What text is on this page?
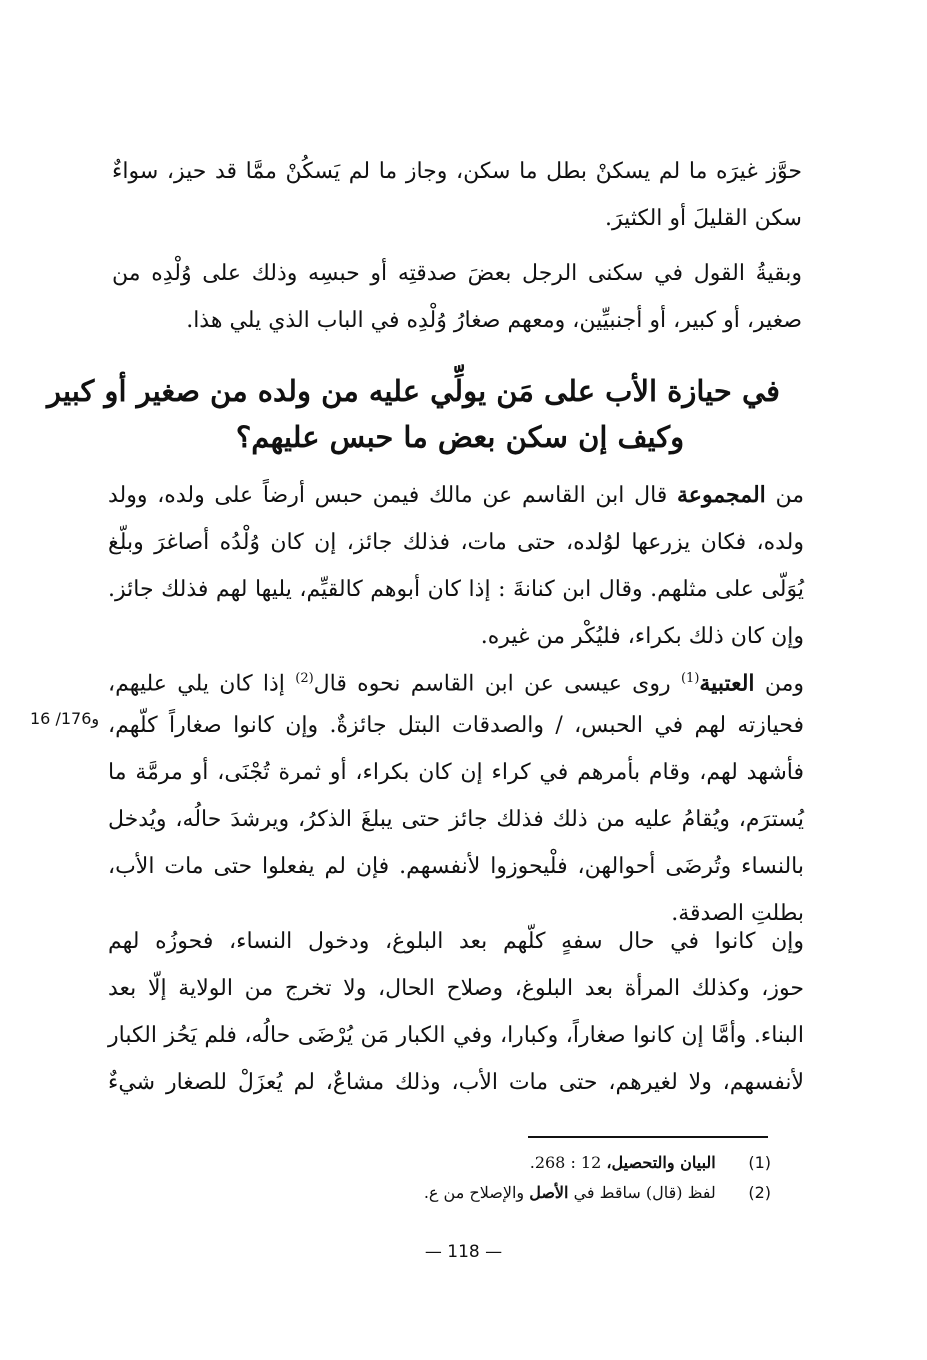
حوَّز غيرَه ما لم يسكنْ بطل ما سكن، وجاز ما لم يَسكُنْ ممَّا قد حيز، سواءٌ
سكن القليلَ أو الكثيرَ.
وبقيةُ القول في سكنى الرجل بعضَ صدقتِه أو حبسِه وذلك على وُلْدِه من
صغير، أو كبير، أو أجنبيِّين، ومعهم صغارُ وُلْدِه في الباب الذي يلي هذا.
في حيازة الأب على مَن يولِّي عليه من ولده من صغير أو كبير
وكيف إن سكن بعض ما حبس عليهم؟
من المجموعة قال ابن القاسم عن مالك فيمن حبس أرضاً على ولده، وولد
ولده، فكان يزرعها لوُلده، حتى مات، فذلك جائز، إن كان وُلْدُه أصاغرَ وبلّغ
يُوَلّى على مثلهم. وقال ابن كنانةَ : إذا كان أبوهم كالقيِّم، يليها لهم فذلك جائز.
وإن كان ذلك بكراء، فليُكْر من غيره.
ومن العتبية$^{(1)}$ روى عيسى عن ابن القاسم نحوه قال$^{(2)}$ إذا كان يلي عليهم،
فحيازته لهم في الحبس، / والصدقات البتل جائزةٌ. وإن كانوا صغاراً كلّهم،
فأشهد لهم، وقام بأمرهم في كراء إن كان بكراء، أو ثمرة تُجْنَى، أو مرمَّة ما
يُسترَم، ويُقامُ عليه من ذلك فذلك جائز حتى يبلغَ الذكرُ، ويرشدَ حالُه، ويُدخل
بالنساء وتُرضَى أحوالهن، فلْيحوزوا لأنفسهم. فإن لم يفعلوا حتى مات الأب،
بطلتِ الصدقة.
16 /176و
وإن كانوا في حال سفهٍ كلّهم بعد البلوغ، ودخول النساء، فحوزُه لهم
حوز، وكذلك المرأة بعد البلوغ، وصلاح الحال، ولا تخرج من الولاية إلّا بعد
البناء. وأمَّا إن كانوا صغاراً، وكبارا، وفي الكبار مَن يُرْضَى حالُه، فلم يَحُز الكبار
لأنفسهم، ولا لغيرهم، حتى مات الأب، وذلك مشاعٌ، لم يُعزَلْ للصغار شيءٌ
(1)   البيان والتحصيل، 12 : 268.
(2)   لفظ (قال) ساقط في الأصل والإصلاح من ع.
— 118 —
